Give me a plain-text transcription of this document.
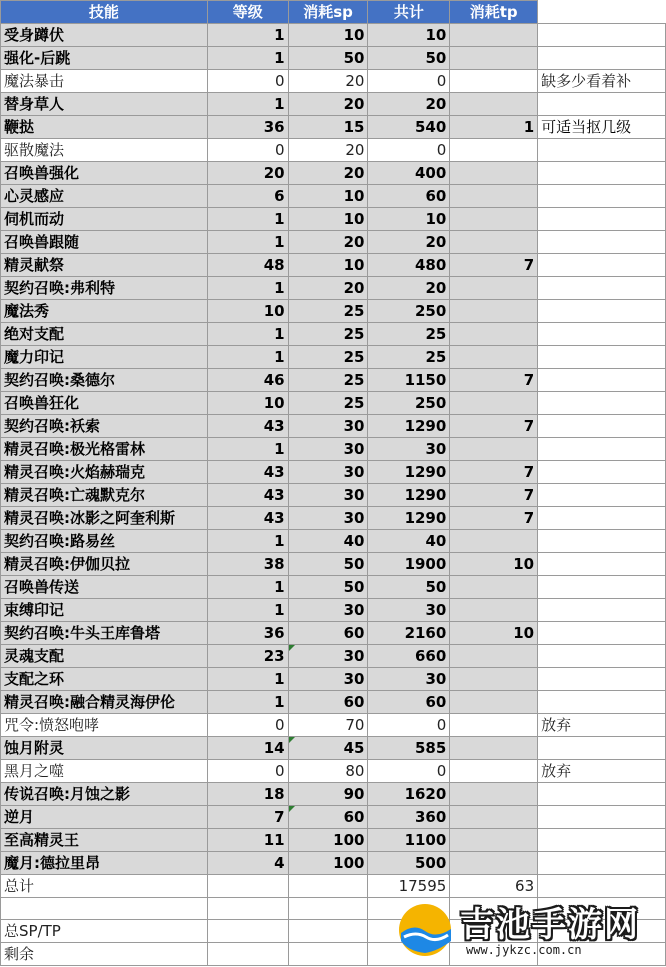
技能	等级	消耗sp	共计	消耗tp	
受身蹲伏	1	10	10		
强化-后跳	1	50	50		
魔法暴击	0	20	0		缺多少看着补
替身草人	1	20	20		
鞭挞	36	15	540	1	可适当抠几级
驱散魔法	0	20	0		
召唤兽强化	20	20	400		
心灵感应	6	10	60		
伺机而动	1	10	10		
召唤兽跟随	1	20	20		
精灵献祭	48	10	480	7	
契约召唤:弗利特	1	20	20		
魔法秀	10	25	250		
绝对支配	1	25	25		
魔力印记	1	25	25		
契约召唤:桑德尔	46	25	1150	7	
召唤兽狂化	10	25	250		
契约召唤:袄索	43	30	1290	7	
精灵召唤:极光格雷林	1	30	30		
精灵召唤:火焰赫瑞克	43	30	1290	7	
精灵召唤:亡魂默克尔	43	30	1290	7	
精灵召唤:冰影之阿奎利斯	43	30	1290	7	
契约召唤:路易丝	1	40	40		
精灵召唤:伊伽贝拉	38	50	1900	10	
召唤兽传送	1	50	50		
束缚印记	1	30	30		
契约召唤:牛头王库鲁塔	36	60	2160	10	
灵魂支配	23	30	660		
支配之环	1	30	30		
精灵召唤:融合精灵海伊伦	1	60	60		
咒令:愤怒咆哮	0	70	0		放弃
蚀月附灵	14	45	585		
黑月之噬	0	80	0		放弃
传说召唤:月蚀之影	18	90	1620		
逆月	7	60	360		
至高精灵王	11	100	1100		
魔月:德拉里昂	4	100	500		
总计			17595	63	

总SP/TP					
剩余					
吉池手游网
www.jykzc.com.cn
